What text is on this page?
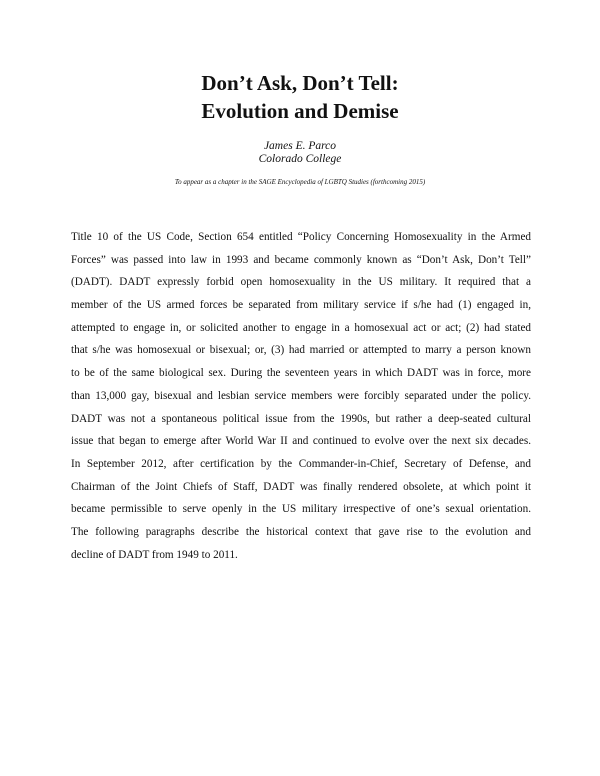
Don’t Ask, Don’t Tell:
Evolution and Demise
James E. Parco
Colorado College
To appear as a chapter in the SAGE Encyclopedia of LGBTQ Studies (forthcoming 2015)
Title 10 of the US Code, Section 654 entitled “Policy Concerning Homosexuality in the Armed
Forces” was passed into law in 1993 and became commonly known as “Don’t Ask, Don’t Tell”
(DADT). DADT expressly forbid open homosexuality in the US military. It required that a
member of the US armed forces be separated from military service if s/he had (1) engaged in,
attempted to engage in, or solicited another to engage in a homosexual act or act; (2) had stated
that s/he was homosexual or bisexual; or, (3) had married or attempted to marry a person known
to be of the same biological sex. During the seventeen years in which DADT was in force, more
than 13,000 gay, bisexual and lesbian service members were forcibly separated under the policy.
DADT was not a spontaneous political issue from the 1990s, but rather a deep-seated cultural
issue that began to emerge after World War II and continued to evolve over the next six decades.
In September 2012, after certification by the Commander-in-Chief, Secretary of Defense, and
Chairman of the Joint Chiefs of Staff, DADT was finally rendered obsolete, at which point it
became permissible to serve openly in the US military irrespective of one’s sexual orientation.
The following paragraphs describe the historical context that gave rise to the evolution and
decline of DADT from 1949 to 2011.
